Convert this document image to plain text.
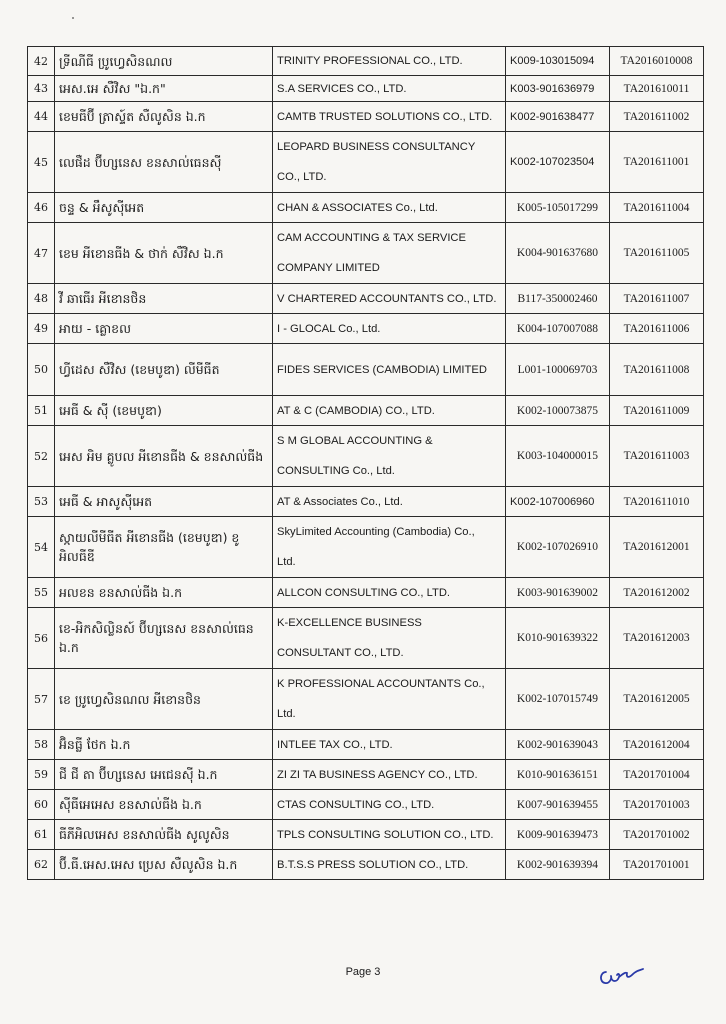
42	ទ្រីណីធី ប្រូហ្វេសិនណល	TRINITY PROFESSIONAL CO., LTD.	K009-103015094	TA2016010008
43	អេស.អេ សឺវិស "ឯ.ក"	S.A SERVICES CO., LTD.	K003-901636979	TA201610011
44	ខេមធីប៊ី ត្រាស្ទ៍ត សឺលូសិន ឯ.ក	CAMTB TRUSTED SOLUTIONS CO., LTD.	K002-901638477	TA201611002
45	លេផឺដ ប៊ីហ្សនេស ខនសាល់ធេនស៊ី	LEOPARD BUSINESS CONSULTANCY
CO., LTD.	K002-107023504	TA201611001
46	ចន្ទ & អឹសូស៊ីអេត	CHAN & ASSOCIATES Co., Ltd.	K005-105017299	TA201611004
47	ខេម អីខោនធីង & ថាក់ សឺវិស ឯ.ក	CAM ACCOUNTING & TAX SERVICE
COMPANY LIMITED	K004-901637680	TA201611005
48	វី ឆាធើរ អីខោនថិន	V CHARTERED ACCOUNTANTS CO., LTD.	B117-350002460	TA201611007
49	អាយ - គ្លោខល	I - GLOCAL Co., Ltd.	K004-107007088	TA201611006
50	ហ្វីដេស សឺវិស (ខេមបូឌា) លីមីធីត	FIDES SERVICES (CAMBODIA) LIMITED	L001-100069703	TA201611008
51	អេធី & ស៊ី (ខេមបូឌា)	AT & C (CAMBODIA) CO., LTD.	K002-100073875	TA201611009
52	អេស អិម គ្លូបល អីខោនធីង & ខនសាល់ធីង	S M GLOBAL ACCOUNTING &
CONSULTING Co., Ltd.	K003-104000015	TA201611003
53	អេធី & អាសូស៊ីអេត	AT & Associates Co., Ltd.	K002-107006960	TA201611010
54	ស្កាយលីមីធីត អីខោនធីង (ខេមបូឌា) ខូ អិលធីឌី	SkyLimited Accounting (Cambodia) Co.,
Ltd.	K002-107026910	TA201612001
55	អលខន ខនសាល់ធីង ឯ.ក	ALLCON CONSULTING CO., LTD.	K003-901639002	TA201612002
56	ខេ-អិកសិល្លិនស៍ ប៊ីហ្សនេស ខនសាល់ធេន ឯ.ក	K-EXCELLENCE BUSINESS
CONSULTANT CO., LTD.	K010-901639322	TA201612003
57	ខេ ប្រូហ្វេសិនណល អីខោនថិន	K PROFESSIONAL ACCOUNTANTS Co.,
Ltd.	K002-107015749	TA201612005
58	អ៊ិនធ្លី ថែក ឯ.ក	INTLEE TAX CO., LTD.	K002-901639043	TA201612004
59	ជី ជី តា ប៊ីហ្សនេស អេជេនស៊ី ឯ.ក	ZI ZI TA BUSINESS AGENCY CO., LTD.	K010-901636151	TA201701004
60	ស៊ីធីអេអេស ខនសាល់ធីង ឯ.ក	CTAS CONSULTING CO., LTD.	K007-901639455	TA201701003
61	ធីភីអិលអេស ខនសាល់ធីង សូលូសិន	TPLS CONSULTING SOLUTION CO., LTD.	K009-901639473	TA201701002
62	ប៊ី.ធី.អេស.អេស ប្រេស សឺលូសិន ឯ.ក	B.T.S.S PRESS SOLUTION CO., LTD.	K002-901639394	TA201701001
Page 3
